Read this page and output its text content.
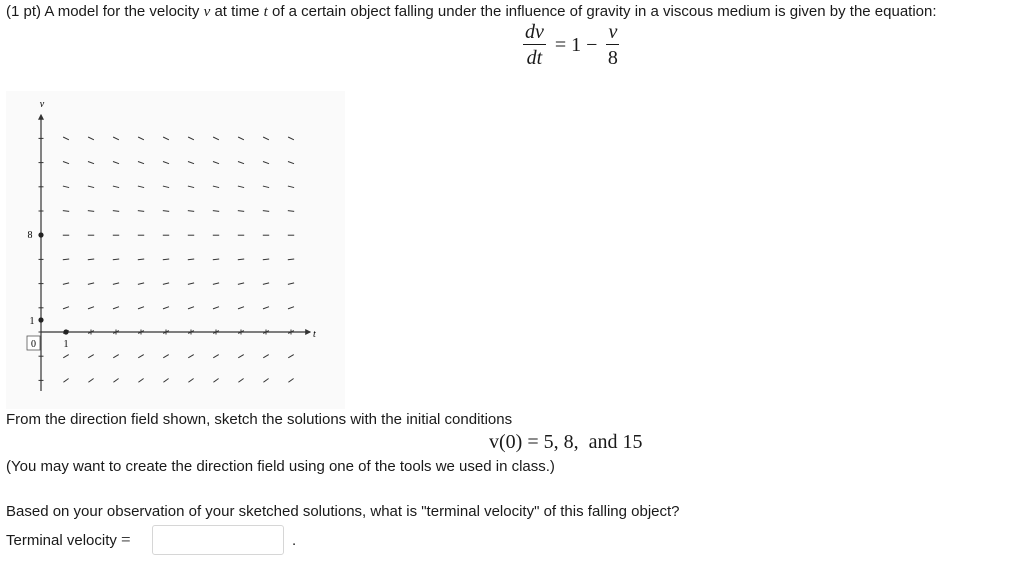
(1 pt) A model for the velocity v at time t of a certain object falling under the influence of gravity in a viscous medium is given by the equation:
$\frac{dv}{dt} = 1 - \frac{v}{8}$
v
t
8
1
0	1
From the direction field shown, sketch the solutions with the initial conditions
v(0) = 5, 8,  and 15
(You may want to create the direction field using one of the tools we used in class.)
Based on your observation of your sketched solutions, what is "terminal velocity" of this falling object?
Terminal velocity =	.
